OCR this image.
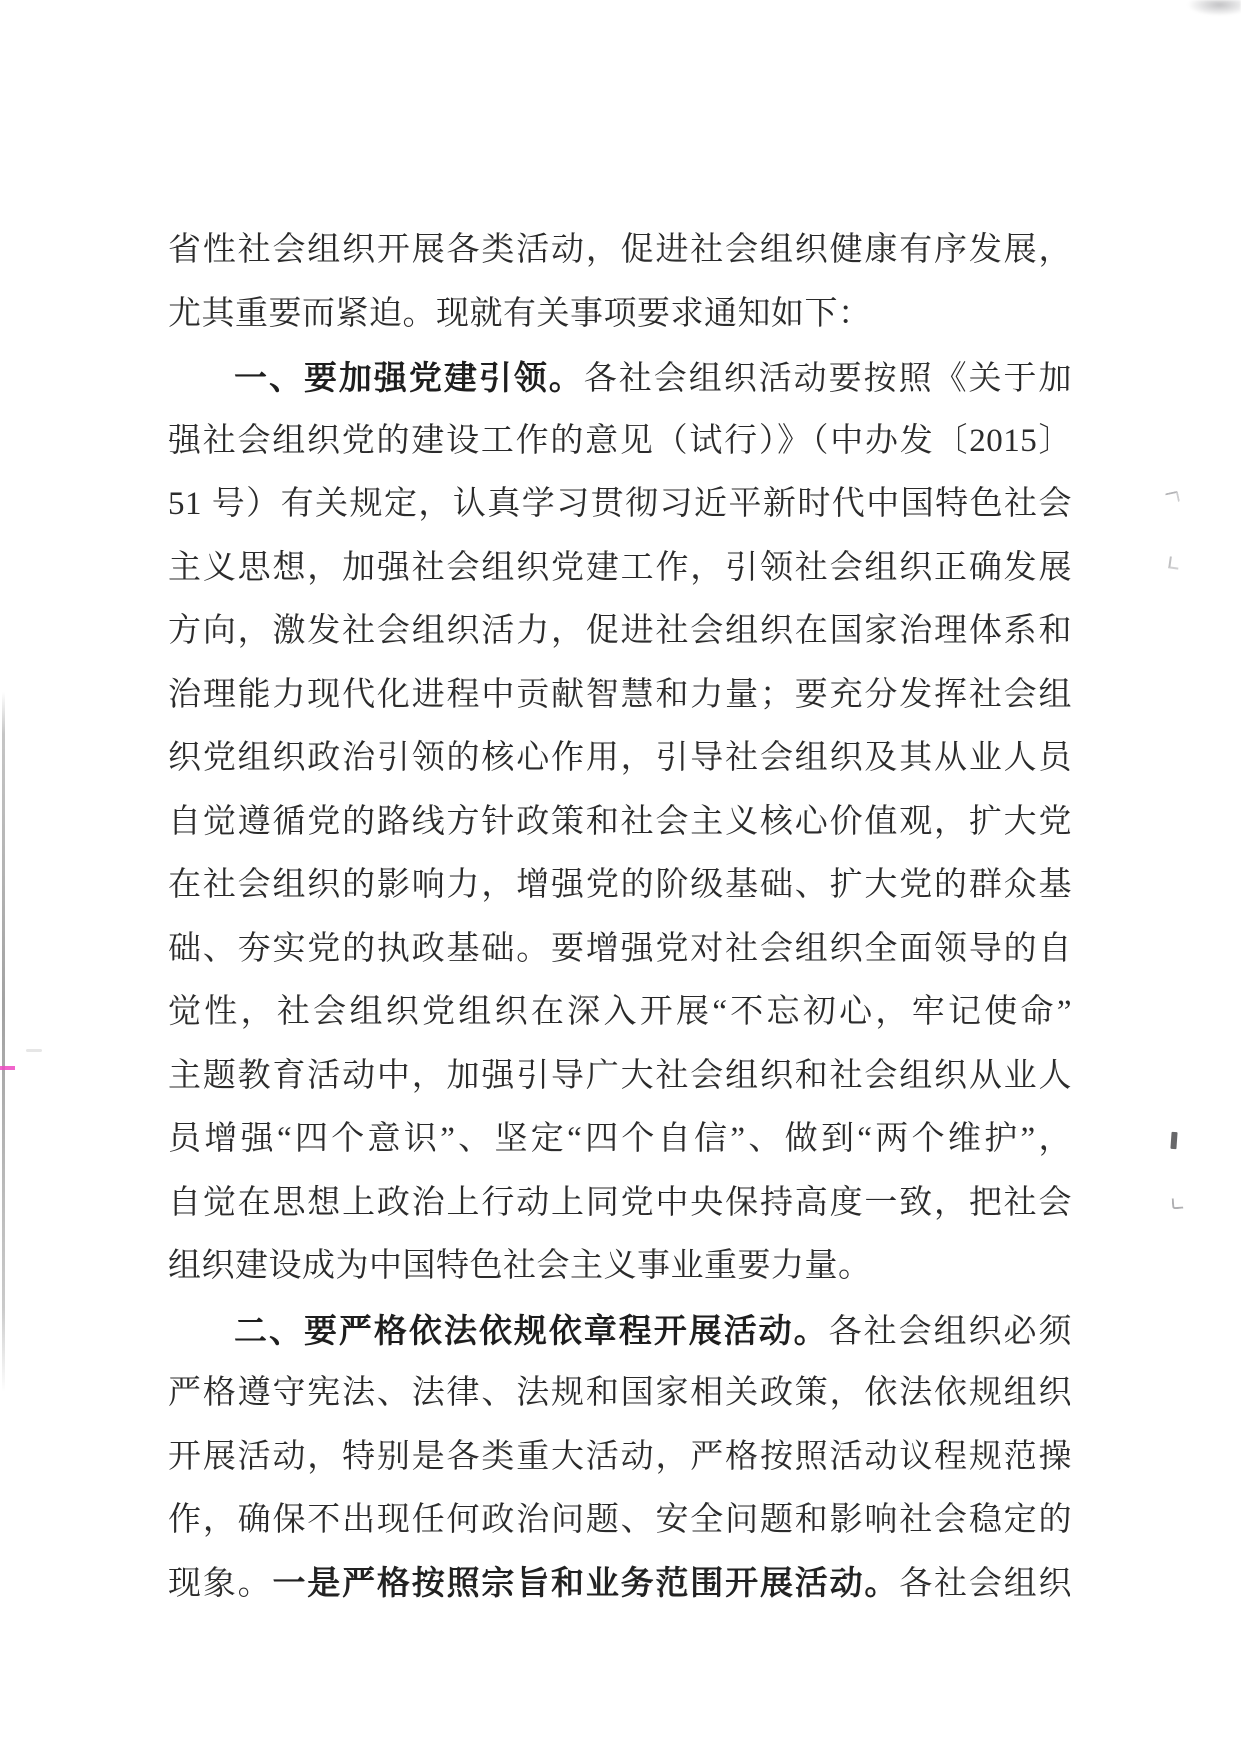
省性社会组织开展各类活动，促进社会组织健康有序发展，
尤其重要而紧迫。现就有关事项要求通知如下：
一、要加强党建引领。各社会组织活动要按照《关于加
强社会组织党的建设工作的意见（试行）》（中办发〔2015〕
51 号）有关规定，认真学习贯彻习近平新时代中国特色社会
主义思想，加强社会组织党建工作，引领社会组织正确发展
方向，激发社会组织活力，促进社会组织在国家治理体系和
治理能力现代化进程中贡献智慧和力量；要充分发挥社会组
织党组织政治引领的核心作用，引导社会组织及其从业人员
自觉遵循党的路线方针政策和社会主义核心价值观，扩大党
在社会组织的影响力，增强党的阶级基础、扩大党的群众基
础、夯实党的执政基础。要增强党对社会组织全面领导的自
觉性，社会组织党组织在深入开展“不忘初心，牢记使命”
主题教育活动中，加强引导广大社会组织和社会组织从业人
员增强“四个意识”、坚定“四个自信”、做到“两个维护”，
自觉在思想上政治上行动上同党中央保持高度一致，把社会
组织建设成为中国特色社会主义事业重要力量。
二、要严格依法依规依章程开展活动。各社会组织必须
严格遵守宪法、法律、法规和国家相关政策，依法依规组织
开展活动，特别是各类重大活动，严格按照活动议程规范操
作，确保不出现任何政治问题、安全问题和影响社会稳定的
现象。一是严格按照宗旨和业务范围开展活动。各社会组织
